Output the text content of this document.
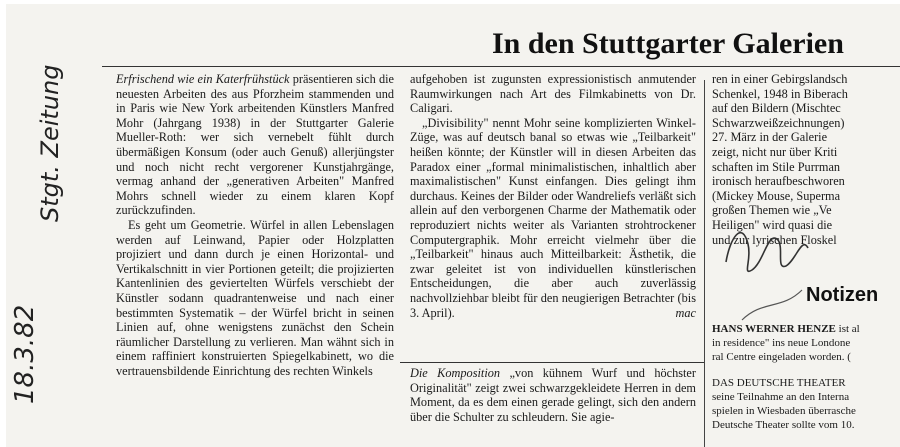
18.3.82
Stgt. Zeitung
In den Stuttgarter Galerien

Erfrischend wie ein Katerfrühstück präsentieren sich die neuesten Arbeiten des aus Pforzheim stammenden und in Paris wie New York arbeitenden Künstlers Manfred Mohr (Jahrgang 1938) in der Stuttgarter Galerie Mueller-Roth: wer sich vernebelt fühlt durch übermäßigen Konsum (oder auch Genuß) allerjüngster und noch nicht recht vergorener Kunstjahrgänge, vermag anhand der „generativen Arbeiten" Manfred Mohrs schnell wieder zu einem klaren Kopf zurückzufinden.

Es geht um Geometrie. Würfel in allen Lebenslagen werden auf Leinwand, Papier oder Holzplatten projiziert und dann durch je einen Horizontal- und Vertikalschnitt in vier Portionen geteilt; die projizierten Kantenlinien des geviertelten Würfels verschiebt der Künstler sodann quadrantenweise und nach einer bestimmten Systematik – der Würfel bricht in seinen Linien auf, ohne wenigstens zunächst den Schein räumlicher Darstellung zu verlieren. Man wähnt sich in einem raffiniert konstruierten Spiegelkabinett, wo die vertrauensbildende Einrichtung des rechten Winkels

aufgehoben ist zugunsten expressionistisch anmutender Raumwirkungen nach Art des Filmkabinetts von Dr. Caligari.

„Divisibility" nennt Mohr seine komplizierten Winkel-Züge, was auf deutsch banal so etwas wie „Teilbarkeit" heißen könnte; der Künstler will in diesen Arbeiten das Paradox einer „formal minimalistischen, inhaltlich aber maximalistischen" Kunst einfangen. Dies gelingt ihm durchaus. Keines der Bilder oder Wandreliefs verläßt sich allein auf den verborgenen Charme der Mathematik oder reproduziert nichts weiter als Varianten strohtrockener Computergraphik. Mohr erreicht vielmehr über die „Teilbarkeit" hinaus auch Mitteilbarkeit: Ästhetik, die zwar geleitet ist von individuellen künstlerischen Entscheidungen, die aber auch zuverlässig nachvollziehbar bleibt für den neugierigen Betrachter (bis 3. April).	mac

Die Komposition „von kühnem Wurf und höchster Originalität" zeigt zwei schwarzgekleidete Herren in dem Moment, da es dem einen gerade gelingt, sich den andern über die Schulter zu schleudern. Sie agie-

ren in einer Gebirgslandsch

Schenkel, 1948 in Biberach

auf den Bildern (Mischtec

Schwarzweißzeichnungen)

27. März in der Galerie

zeigt, nicht nur über Kriti

schaften im Stile Purrman

ironisch heraufbeschworen

(Mickey Mouse, Superma

großen Themen wie „Ve

Heiligen" wird quasi die

und zur lyrischen Floskel

Notizen

HANS WERNER HENZE ist al

in residence" ins neue Londone

ral Centre eingeladen worden. (

DAS DEUTSCHE THEATER

seine Teilnahme an den Interna

spielen in Wiesbaden überrasche

Deutsche Theater sollte vom 10.
